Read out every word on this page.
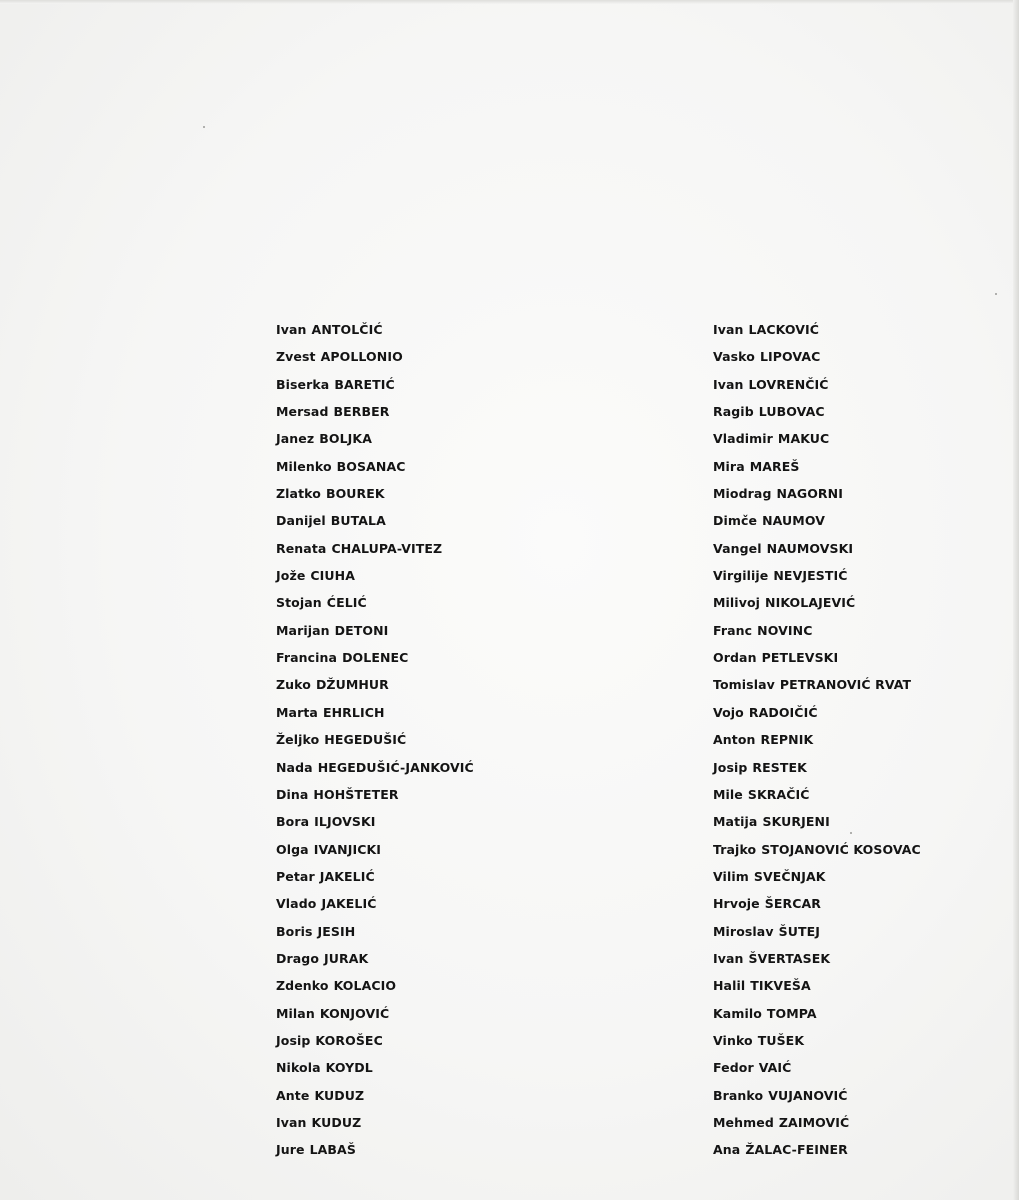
Ivan ANTOLČIĆ
Zvest APOLLONIO
Biserka BARETIĆ
Mersad BERBER
Janez BOLJKA
Milenko BOSANAC
Zlatko BOUREK
Danijel BUTALA
Renata CHALUPA-VITEZ
Jože CIUHA
Stojan ĆELIĆ
Marijan DETONI
Francina DOLENEC
Zuko DŽUMHUR
Marta EHRLICH
Željko HEGEDUŠIĆ
Nada HEGEDUŠIĆ-JANKOVIĆ
Dina HOHŠTETER
Bora ILJOVSKI
Olga IVANJICKI
Petar JAKELIĆ
Vlado JAKELIĆ
Boris JESIH
Drago JURAK
Zdenko KOLACIO
Milan KONJOVIĆ
Josip KOROŠEC
Nikola KOYDL
Ante KUDUZ
Ivan KUDUZ
Jure LABAŠ
Ivan LACKOVIĆ
Vasko LIPOVAC
Ivan LOVRENČIĆ
Ragib LUBOVAC
Vladimir MAKUC
Mira MAREŠ
Miodrag NAGORNI
Dimče NAUMOV
Vangel NAUMOVSKI
Virgilije NEVJESTIĆ
Milivoj NIKOLAJEVIĆ
Franc NOVINC
Ordan PETLEVSKI
Tomislav PETRANOVIĆ RVAT
Vojo RADOIČIĆ
Anton REPNIK
Josip RESTEK
Mile SKRAČIĆ
Matija SKURJENI
Trajko STOJANOVIĆ KOSOVAC
Vilim SVEČNJAK
Hrvoje ŠERCAR
Miroslav ŠUTEJ
Ivan ŠVERTASEK
Halil TIKVEŠA
Kamilo TOMPA
Vinko TUŠEK
Fedor VAIĆ
Branko VUJANOVIĆ
Mehmed ZAIMOVIĆ
Ana ŽALAC-FEINER
